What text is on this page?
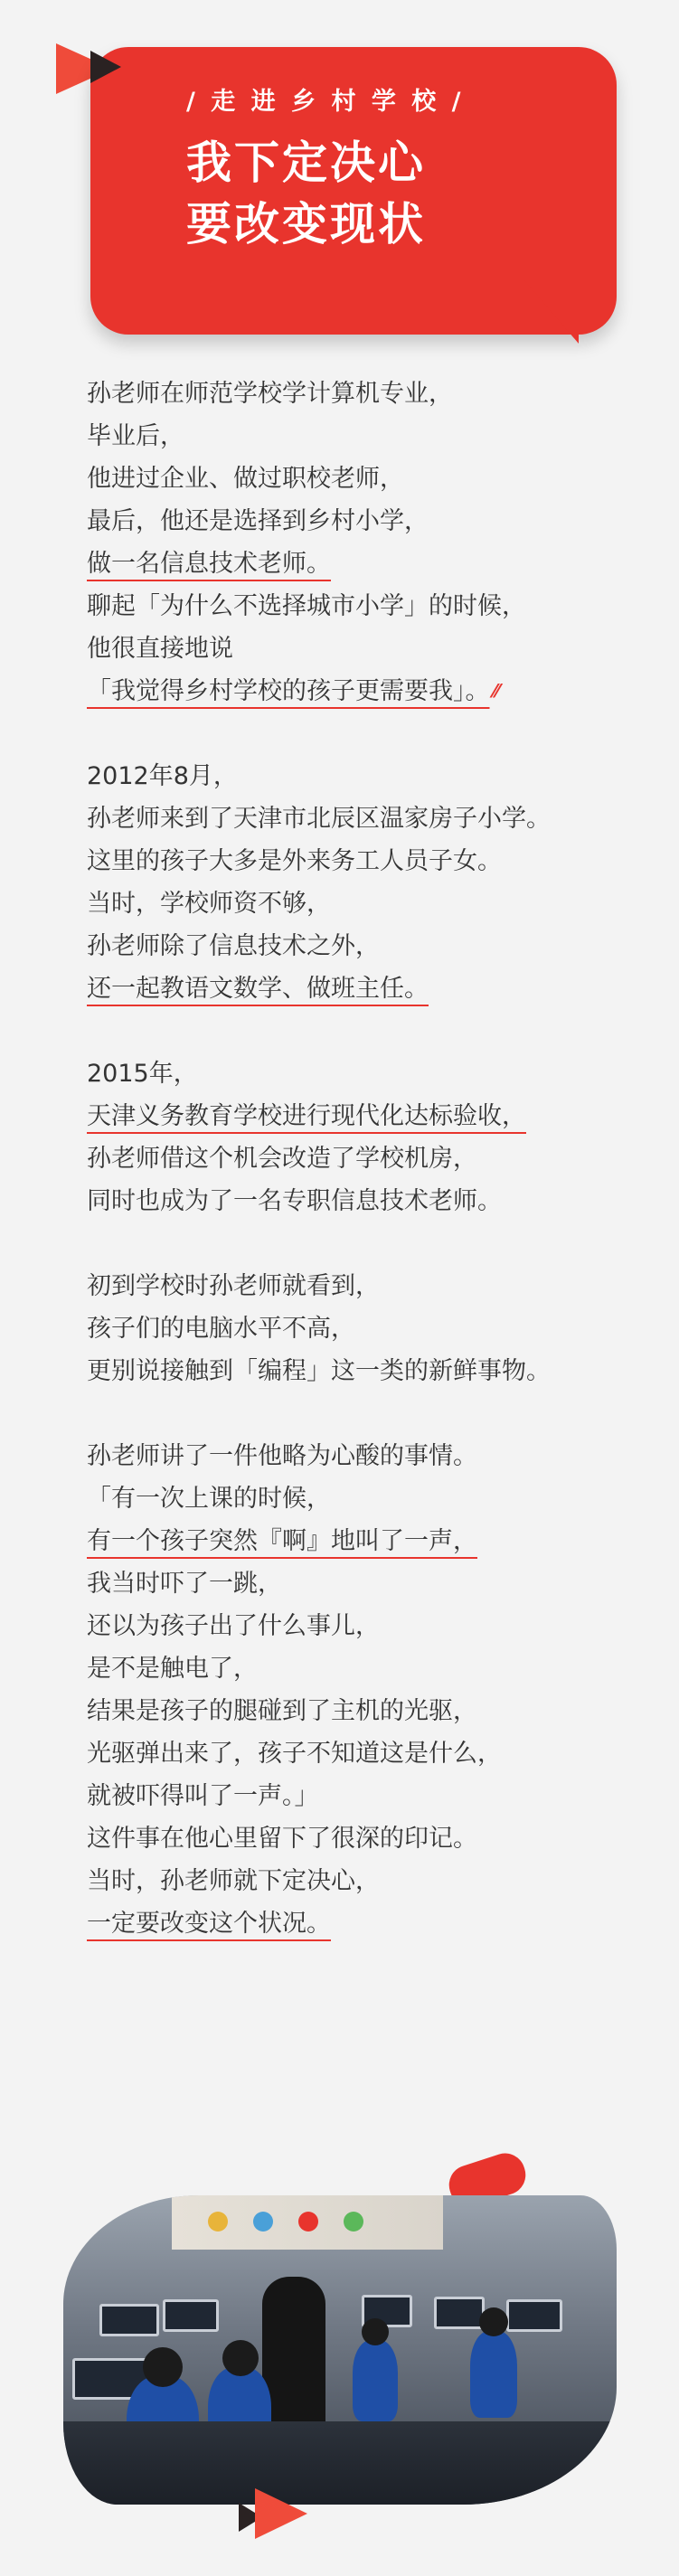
/ 走 进 乡 村 学 校 /
我下定决心
要改变现状
孙老师在师范学校学计算机专业，
毕业后，
他进过企业、做过职校老师，
最后，他还是选择到乡村小学，
做一名信息技术老师。
聊起「为什么不选择城市小学」的时候，
他很直接地说
「我觉得乡村学校的孩子更需要我」。 ⁄⁄
2012年8月，
孙老师来到了天津市北辰区温家房子小学。
这里的孩子大多是外来务工人员子女。
当时，学校师资不够，
孙老师除了信息技术之外，
还一起教语文数学、做班主任。
2015年，
天津义务教育学校进行现代化达标验收，
孙老师借这个机会改造了学校机房，
同时也成为了一名专职信息技术老师。
初到学校时孙老师就看到，
孩子们的电脑水平不高，
更别说接触到「编程」这一类的新鲜事物。
孙老师讲了一件他略为心酸的事情。
「有一次上课的时候，
有一个孩子突然『啊』地叫了一声，
我当时吓了一跳，
还以为孩子出了什么事儿，
是不是触电了，
结果是孩子的腿碰到了主机的光驱，
光驱弹出来了，孩子不知道这是什么，
就被吓得叫了一声。」
这件事在他心里留下了很深的印记。
当时，孙老师就下定决心，
一定要改变这个状况。
